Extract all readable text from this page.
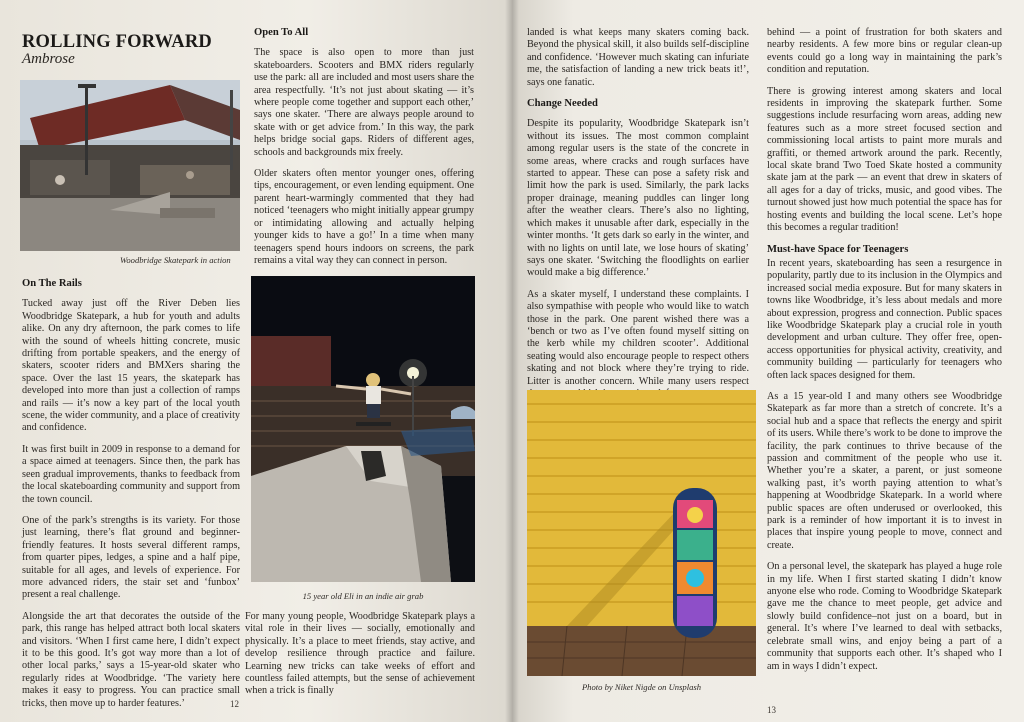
ROLLING FORWARD
Ambrose
Woodbridge Skatepark in action
On The Rails

Tucked away just off the River Deben lies Woodbridge Skatepark, a hub for youth and adults alike. On any dry afternoon, the park comes to life with the sound of wheels hitting concrete, music drifting from portable speakers, and the energy of skaters, scooter riders and BMXers sharing the space. Over the last 15 years, the skatepark has developed into more than just a collection of ramps and rails — it’s now a key part of the local youth scene, the wider community, and a place of creativity and confidence.

It was first built in 2009 in response to a demand for a space aimed at teenagers. Since then, the park has seen gradual improvements, thanks to feedback from the local skateboarding community and support from the town council.

One of the park’s strengths is its variety. For those just learning, there’s flat ground and beginner-friendly features. It hosts several different ramps, from quarter pipes, ledges, a spine and a half pipe, suitable for all ages, and levels of experience. For more advanced riders, the stair set and ‘funbox’ present a real challenge.

Alongside the art that decorates the outside of the park, this range has helped attract both local skaters and visitors. ‘When I first came here, I didn’t expect it to be this good. It’s got way more than a lot of other local parks,’ says a 15-year-old skater who regularly rides at Woodbridge. ‘The variety here makes it easy to progress. You can practice small tricks, then move up to harder features.’

Open To All

The space is also open to more than just skateboarders. Scooters and BMX riders regularly use the park: all are included and most users share the area respectfully. ‘It’s not just about skating — it’s where people come together and support each other,’ says one skater. ‘There are always people around to skate with or get advice from.’ In this way, the park helps bridge social gaps. Riders of different ages, schools and backgrounds mix freely.

Older skaters often mentor younger ones, offering tips, encouragement, or even lending equipment. One parent heart-warmingly commented that they had noticed ‘teenagers who might initially appear grumpy or intimidating allowing and actually helping younger kids to have a go!’ In a time when many teenagers spend hours indoors on screens, the park remains a vital way they can connect in person.

15 year old Eli in an indie air grab

For many young people, Woodbridge Skatepark plays a vital role in their lives — socially, emotionally and physically. It’s a place to meet friends, stay active, and develop resilience through practice and failure. Learning new tricks can take weeks of effort and countless failed attempts, but the sense of achievement when a trick is finally

12

landed is what keeps many skaters coming back. Beyond the physical skill, it also builds self-discipline and confidence. ‘However much skating can infuriate me, the satisfaction of landing a new trick beats it!’, says one fanatic.

Change Needed

Despite its popularity, Woodbridge Skatepark isn’t without its issues. The most common complaint among regular users is the state of the concrete in some areas, where cracks and rough surfaces have started to appear. These can pose a safety risk and limit how the park is used. Similarly, the park lacks proper drainage, meaning puddles can linger long after the weather clears. There’s also no lighting, which makes it unusable after dark, especially in the winter months. ‘It gets dark so early in the winter, and with no lights on until late, we lose hours of skating’ says one skater. ‘Switching the floodlights on earlier would make a big difference.’

As a skater myself, I understand these complaints. I also sympathise with people who would like to watch those in the park. One parent wished there was a ‘bench or two as I’ve often found myself sitting on the kerb while my children scooter’. Additional seating would also encourage people to respect others skating and not block where they’re trying to ride. Litter is another concern. While many users respect

Photo by Niket Nigde on Unsplash

behind — a point of frustration for both skaters and nearby residents. A few more bins or regular clean-up events could go a long way in maintaining the park’s condition and reputation.

There is growing interest among skaters and local residents in improving the skatepark further. Some suggestions include resurfacing worn areas, adding new features such as a more street focused section and commissioning local artists to paint more murals and graffiti, or themed artwork around the park. Recently, local skate brand Two Toed Skate hosted a community skate jam at the park — an event that drew in skaters of all ages for a day of tricks, music, and good vibes. The turnout showed just how much potential the space has for hosting events and building the local scene. Let’s hope this becomes a regular tradition!

Must-have Space for Teenagers

In recent years, skateboarding has seen a resurgence in popularity, partly due to its inclusion in the Olympics and increased social media exposure. But for many skaters in towns like Woodbridge, it’s less about medals and more about expression, progress and connection. Public spaces like Woodbridge Skatepark play a crucial role in youth development and urban culture. They offer free, open-access opportunities for physical activity, creativity, and community building — particularly for teenagers who often lack spaces designed for them.

As a 15 year-old I and many others see Woodbridge Skatepark as far more than a stretch of concrete. It’s a social hub and a space that reflects the energy and spirit of its users. While there’s work to be done to improve the facility, the park continues to thrive because of the passion and commitment of the people who use it. Whether you’re a skater, a parent, or just someone walking past, it’s worth paying attention to what’s happening at Woodbridge Skatepark. In a world where public spaces are often underused or overlooked, this park is a reminder of how important it is to invest in places that inspire young people to move, connect and create.

On a personal level, the skatepark has played a huge role in my life. When I first started skating I didn’t know anyone else who rode. Coming to Woodbridge Skatepark gave me the chance to meet people, get advice and slowly build confidence–not just on a board, but in general. It’s where I’ve learned to deal with setbacks, celebrate small wins, and enjoy being a part of a community that supports each other. It’s shaped who I am in ways I didn’t expect.

13
